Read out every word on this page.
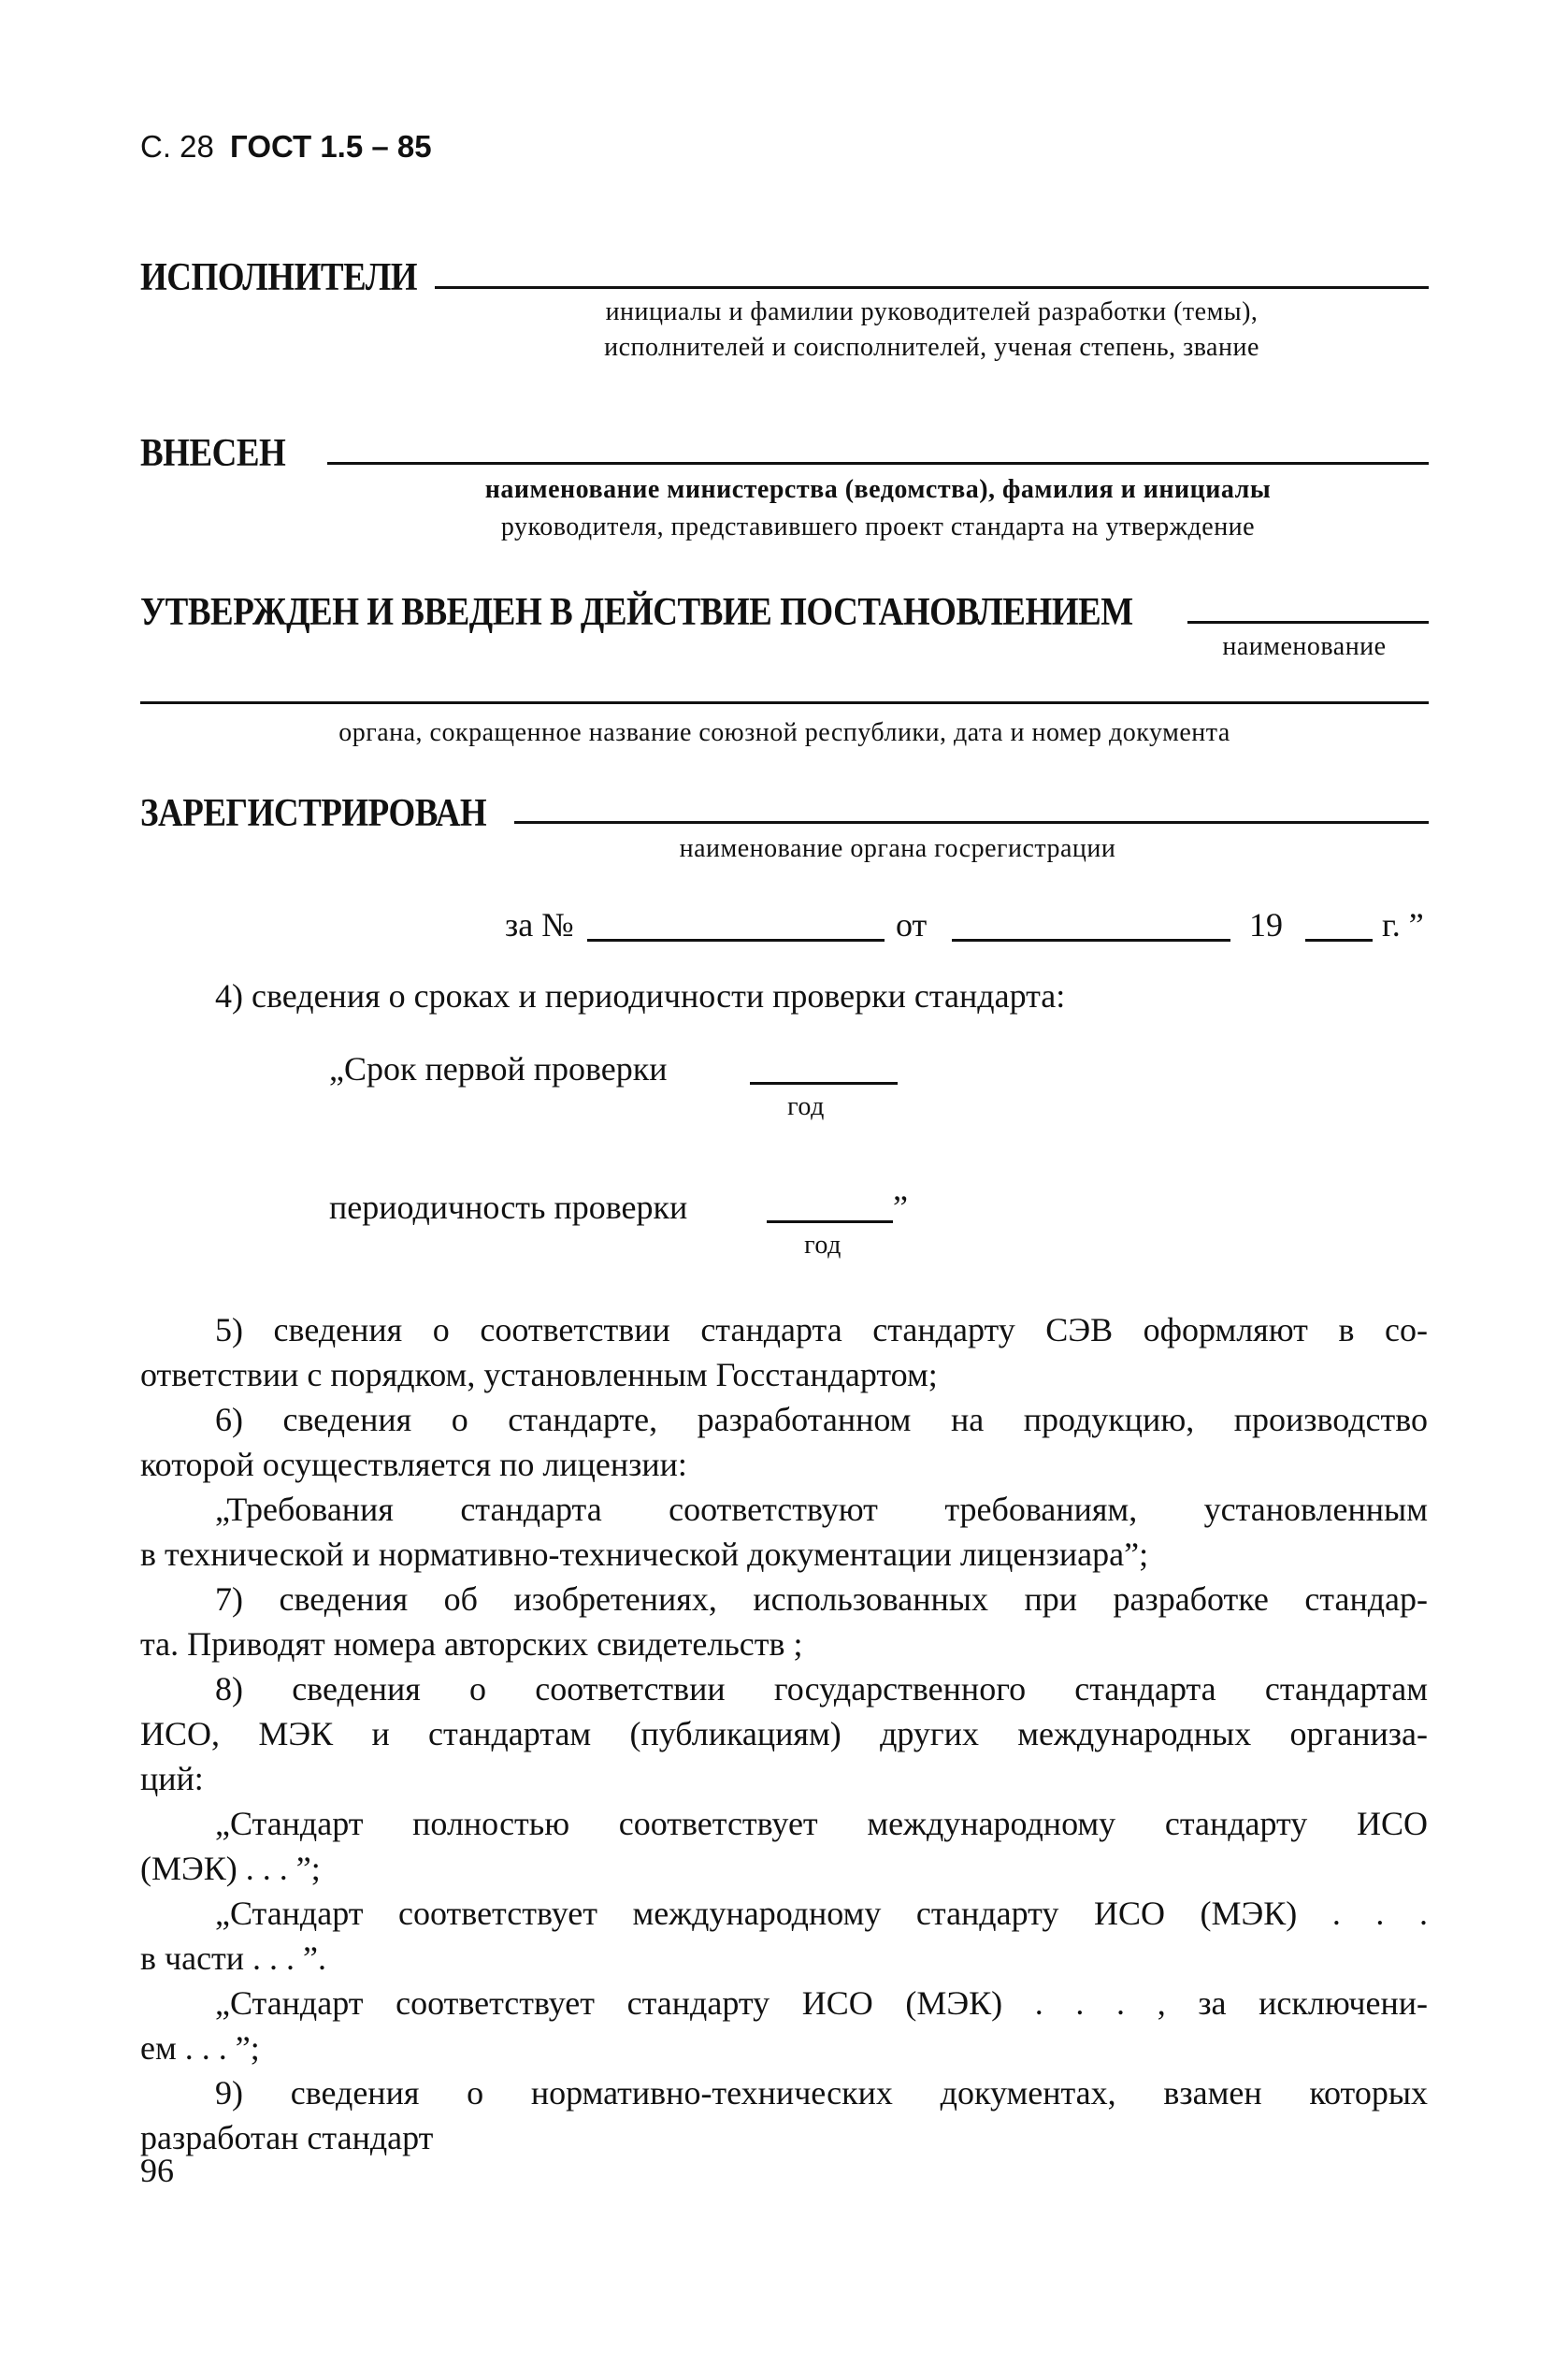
С. 28 ГОСТ 1.5 – 85
ИСПОЛНИТЕЛИ
инициалы и фамилии руководителей разработки (темы),
исполнителей и соисполнителей, ученая степень, звание
ВНЕСЕН
наименование министерства (ведомства), фамилия и инициалы
руководителя, представившего проект стандарта на утверждение
УТВЕРЖДЕН И ВВЕДЕН В ДЕЙСТВИЕ ПОСТАНОВЛЕНИЕМ
наименование
органа, сокращенное название союзной республики, дата и номер документа
ЗАРЕГИСТРИРОВАН
наименование органа госрегистрации
за №	от	19	г. ”
4) сведения о сроках и периодичности проверки стандарта:
„Срок первой проверки
год
периодичность проверки	”
год
5) сведения о соответствии стандарта стандарту СЭВ оформляют в со-
ответствии с порядком, установленным Госстандартом;
6) сведения о стандарте, разработанном на продукцию, производство
которой осуществляется по лицензии:
„Требования стандарта соответствуют требованиям, установленным
в технической и нормативно-технической документации лицензиара”;
7) сведения об изобретениях, использованных при разработке стандар-
та. Приводят номера авторских свидетельств ;
8) сведения о соответствии государственного стандарта стандартам
ИСО, МЭК и стандартам (публикациям) других международных организа-
ций:
„Стандарт полностью соответствует международному стандарту ИСО
(МЭК) . . . ”;
„Стандарт соответствует международному стандарту ИСО (МЭК) . . .
в части . . . ”.
„Стандарт соответствует стандарту ИСО (МЭК) . . . , за исключени-
ем . . . ”;
9) сведения о нормативно-технических документах, взамен которых
разработан стандарт
96
